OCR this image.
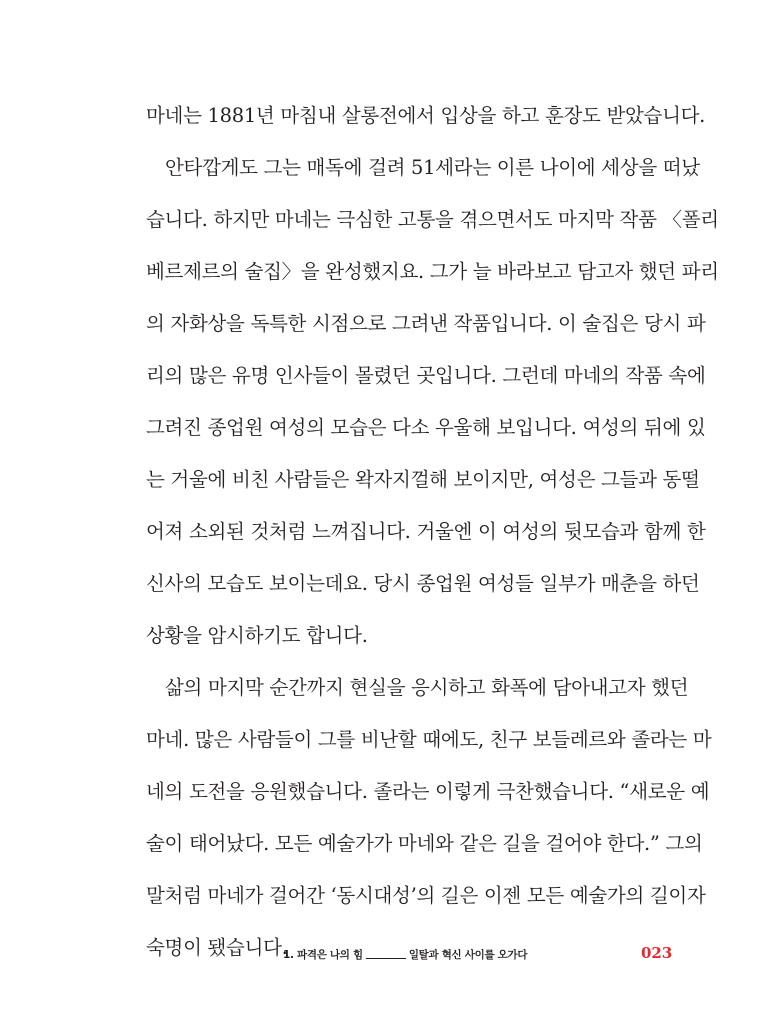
마네는 1881년 마침내 살롱전에서 입상을 하고 훈장도 받았습니다.
안타깝게도 그는 매독에 걸려 51세라는 이른 나이에 세상을 떠났
습니다. 하지만 마네는 극심한 고통을 겪으면서도 마지막 작품 〈폴리
베르제르의 술집〉을 완성했지요. 그가 늘 바라보고 담고자 했던 파리
의 자화상을 독특한 시점으로 그려낸 작품입니다. 이 술집은 당시 파
리의 많은 유명 인사들이 몰렸던 곳입니다. 그런데 마네의 작품 속에
그려진 종업원 여성의 모습은 다소 우울해 보입니다. 여성의 뒤에 있
는 거울에 비친 사람들은 왁자지껄해 보이지만, 여성은 그들과 동떨
어져 소외된 것처럼 느껴집니다. 거울엔 이 여성의 뒷모습과 함께 한
신사의 모습도 보이는데요. 당시 종업원 여성들 일부가 매춘을 하던
상황을 암시하기도 합니다.
삶의 마지막 순간까지 현실을 응시하고 화폭에 담아내고자 했던
마네. 많은 사람들이 그를 비난할 때에도, 친구 보들레르와 졸라는 마
네의 도전을 응원했습니다. 졸라는 이렇게 극찬했습니다. “새로운 예
술이 태어났다. 모든 예술가가 마네와 같은 길을 걸어야 한다.” 그의
말처럼 마네가 걸어간 ‘동시대성’의 길은 이젠 모든 예술가의 길이자
숙명이 됐습니다.
1. 파격은 나의 힘	일탈과 혁신 사이를 오가다	023
